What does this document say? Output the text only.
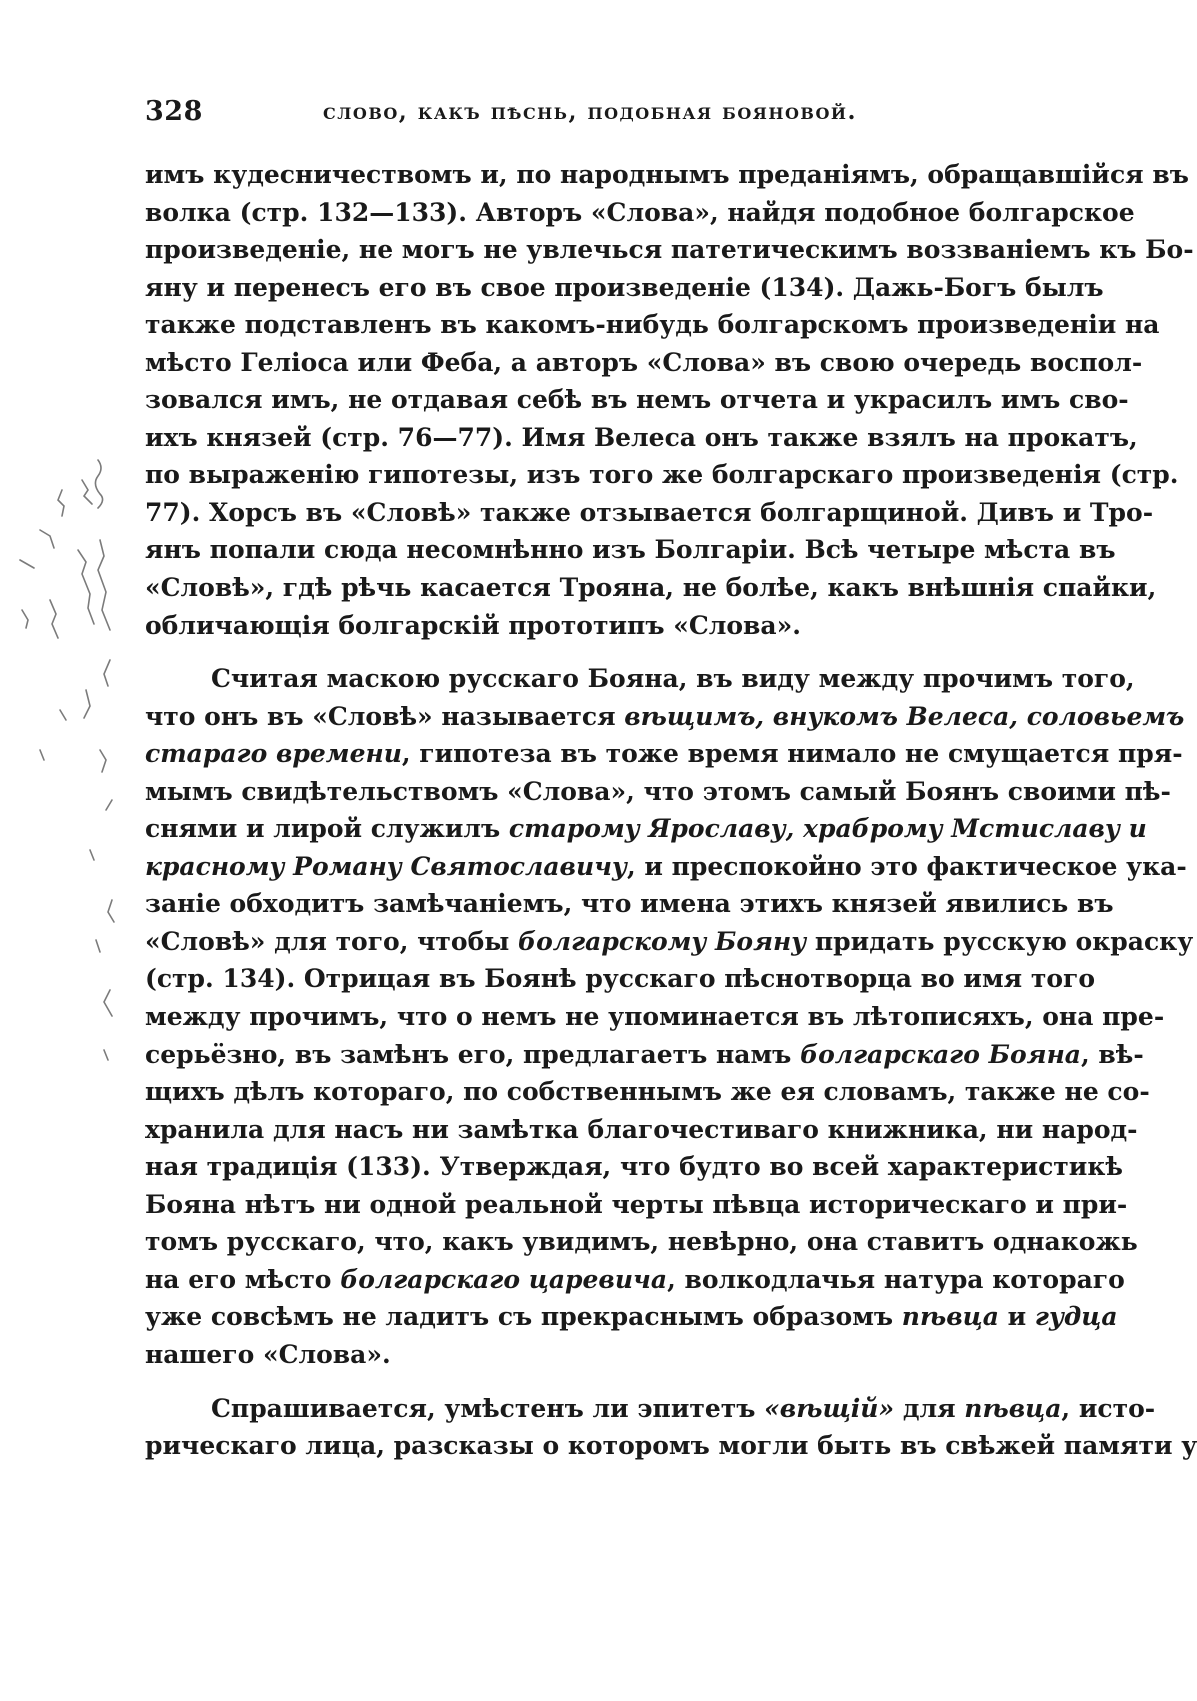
328	слово, какъ пѣснь, подобная бояновой.
имъ кудесничествомъ и, по народнымъ преданіямъ, обращавшійся въ
волка (стр. 132—133). Авторъ «Слова», найдя подобное болгарское
произведеніе, не могъ не увлечься патетическимъ воззваніемъ къ Бо-
яну и перенесъ его въ свое произведеніе (134). Дажь-Богъ былъ
также подставленъ въ какомъ-нибудь болгарскомъ произведеніи на
мѣсто Геліоса или Феба, а авторъ «Слова» въ свою очередь воспол-
зовался имъ, не отдавая себѣ въ немъ отчета и украсилъ имъ сво-
ихъ князей (стр. 76—77). Имя Велеса онъ также взялъ на прокатъ,
по выраженію гипотезы, изъ того же болгарскаго произведенія (стр.
77). Хорсъ въ «Словѣ» также отзывается болгарщиной. Дивъ и Тро-
янъ попали сюда несомнѣнно изъ Болгаріи. Всѣ четыре мѣста въ
«Словѣ», гдѣ рѣчь касается Трояна, не болѣе, какъ внѣшнія спайки,
обличающія болгарскій прототипъ «Слова».
Считая маскою русскаго Бояна, въ виду между прочимъ того,
что онъ въ «Словѣ» называется вѣщимъ, внукомъ Велеса, соловьемъ
стараго времени, гипотеза въ тоже время нимало не смущается пря-
мымъ свидѣтельствомъ «Слова», что этомъ самый Боянъ своими пѣ-
снями и лирой служилъ старому Ярославу, храброму Мстиславу и
красному Роману Святославичу, и преспокойно это фактическое ука-
заніе обходитъ замѣчаніемъ, что имена этихъ князей явились въ
«Словѣ» для того, чтобы болгарскому Бояну придать русскую окраску
(стр. 134). Отрицая въ Боянѣ русскаго пѣснотворца во имя того
между прочимъ, что о немъ не упоминается въ лѣтописяхъ, она пре-
серьёзно, въ замѣнъ его, предлагаетъ намъ болгарскаго Бояна, вѣ-
щихъ дѣлъ котораго, по собственнымъ же ея словамъ, также не со-
хранила для насъ ни замѣтка благочестиваго книжника, ни народ-
ная традиція (133). Утверждая, что будто во всей характеристикѣ
Бояна нѣтъ ни одной реальной черты пѣвца историческаго и при-
томъ русскаго, что, какъ увидимъ, невѣрно, она ставитъ однакожь
на его мѣсто болгарскаго царевича, волкодлачья натура котораго
уже совсѣмъ не ладитъ съ прекраснымъ образомъ пѣвца и гудца
нашего «Слова».
Спрашивается, умѣстенъ ли эпитетъ «вѣщій» для пѣвца, исто-
рическаго лица, разсказы о которомъ могли быть въ свѣжей памяти у
